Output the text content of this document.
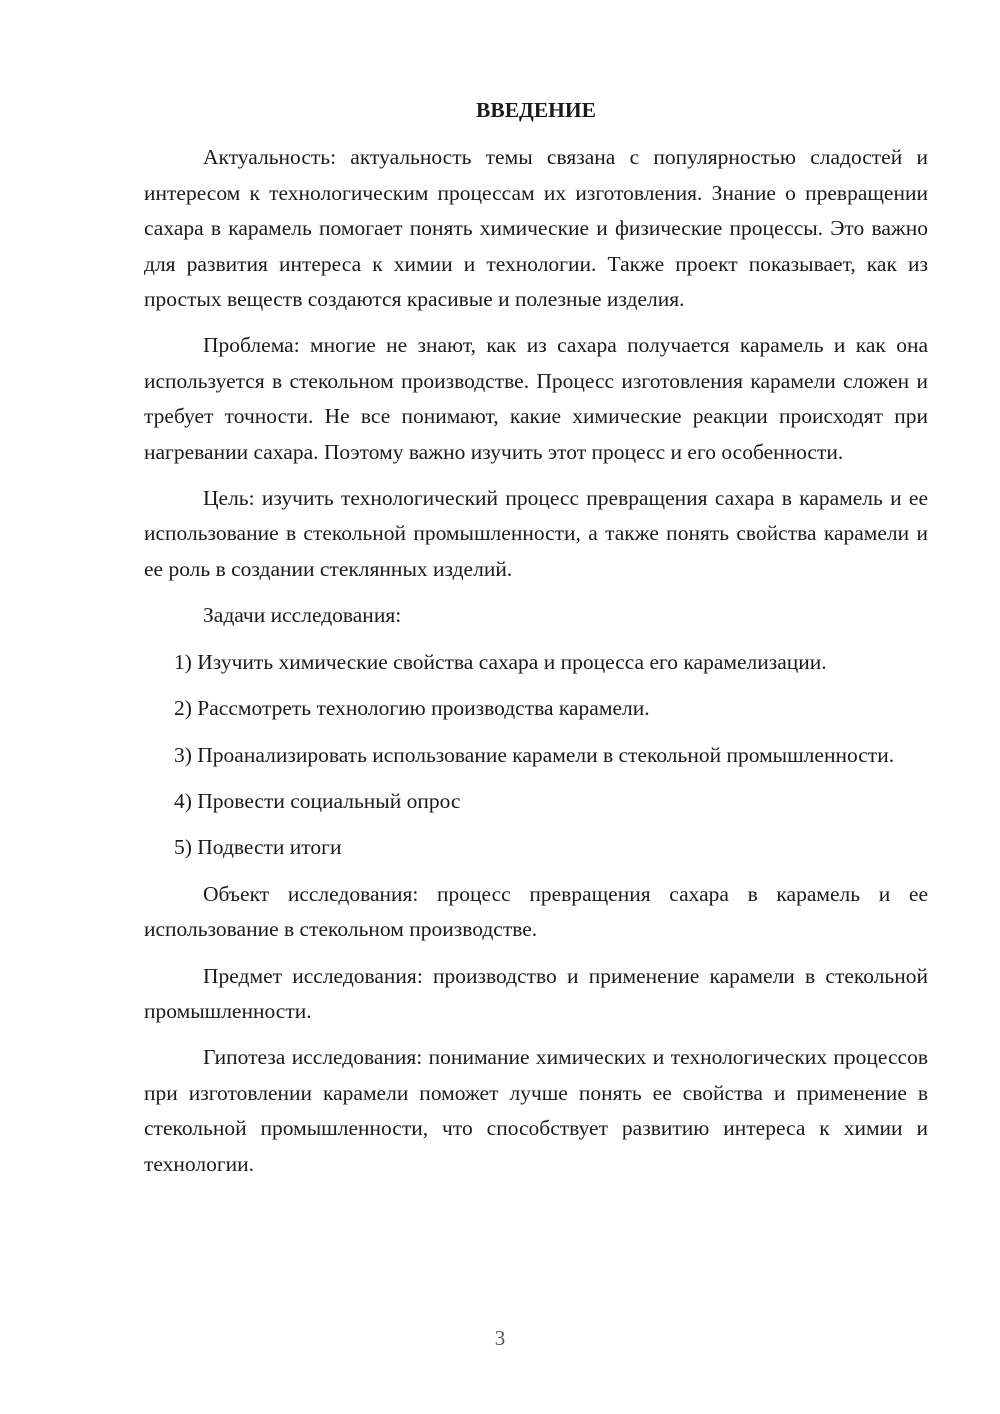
ВВЕДЕНИЕ

Актуальность: актуальность темы связана с популярностью сладостей и интересом к технологическим процессам их изготовления. Знание о превращении сахара в карамель помогает понять химические и физические процессы. Это важно для развития интереса к химии и технологии. Также проект показывает, как из простых веществ создаются красивые и полезные изделия.

Проблема: многие не знают, как из сахара получается карамель и как она используется в стекольном производстве. Процесс изготовления карамели сложен и требует точности. Не все понимают, какие химические реакции происходят при нагревании сахара. Поэтому важно изучить этот процесс и его особенности.

Цель: изучить технологический процесс превращения сахара в карамель и ее использование в стекольной промышленности, а также понять свойства карамели и ее роль в создании стеклянных изделий.

Задачи исследования:

1) Изучить химические свойства сахара и процесса его карамелизации.

2) Рассмотреть технологию производства карамели.

3) Проанализировать использование карамели в стекольной промышленности.

4) Провести социальный опрос

5) Подвести итоги

Объект исследования: процесс превращения сахара в карамель и ее использование в стекольном производстве.

Предмет исследования: производство и применение карамели в стекольной промышленности.

Гипотеза исследования: понимание химических и технологических процессов при изготовлении карамели поможет лучше понять ее свойства и применение в стекольной промышленности, что способствует развитию интереса к химии и технологии.

3
